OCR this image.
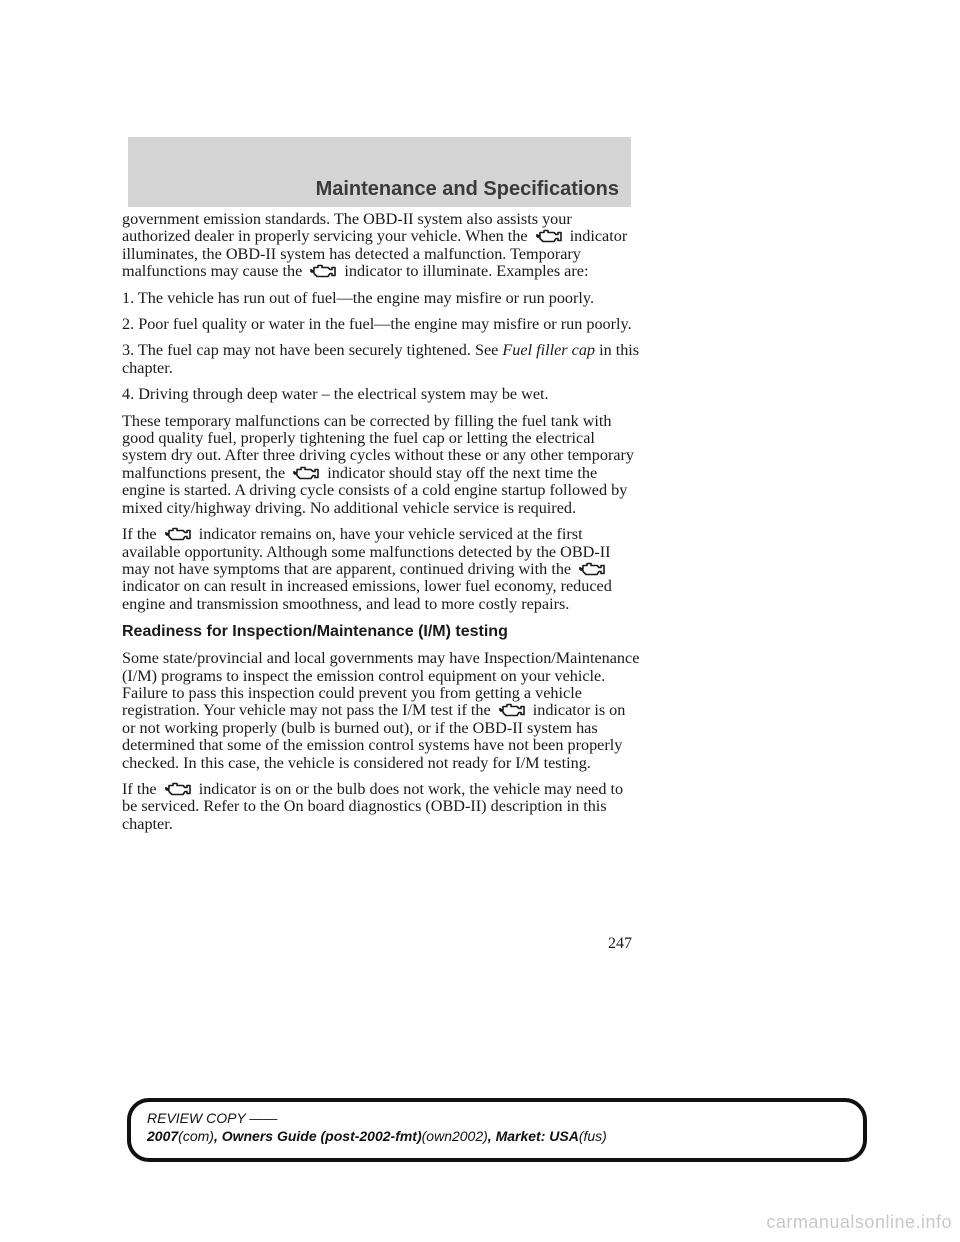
Maintenance and Specifications

government emission standards. The OBD-II system also assists your authorized dealer in properly servicing your vehicle. When the	indicator illuminates, the OBD-II system has detected a malfunction. Temporary malfunctions may cause the	indicator to illuminate. Examples are:

1. The vehicle has run out of fuel—the engine may misfire or run poorly.

2. Poor fuel quality or water in the fuel—the engine may misfire or run poorly.

3. The fuel cap may not have been securely tightened. See Fuel filler cap in this chapter.

4. Driving through deep water – the electrical system may be wet.

These temporary malfunctions can be corrected by filling the fuel tank with good quality fuel, properly tightening the fuel cap or letting the electrical system dry out. After three driving cycles without these or any other temporary malfunctions present, the	indicator should stay off the next time the engine is started. A driving cycle consists of a cold engine startup followed by mixed city/highway driving. No additional vehicle service is required.

If the	indicator remains on, have your vehicle serviced at the first available opportunity. Although some malfunctions detected by the OBD-II may not have symptoms that are apparent, continued driving with the
indicator on can result in increased emissions, lower fuel economy, reduced engine and transmission smoothness, and lead to more costly repairs.

Readiness for Inspection/Maintenance (I/M) testing

Some state/provincial and local governments may have Inspection/Maintenance (I/M) programs to inspect the emission control equipment on your vehicle. Failure to pass this inspection could prevent you from getting a vehicle registration. Your vehicle may not pass the I/M test if the	indicator is on or not working properly (bulb is burned out), or if the OBD-II system has determined that some of the emission control systems have not been properly checked. In this case, the vehicle is considered not ready for I/M testing.

If the	indicator is on or the bulb does not work, the vehicle may need to be serviced. Refer to the On board diagnostics (OBD-II) description in this chapter.

247
REVIEW COPY ——
2007(com), Owners Guide (post-2002-fmt)(own2002), Market: USA(fus)
carmanualsonline.info
